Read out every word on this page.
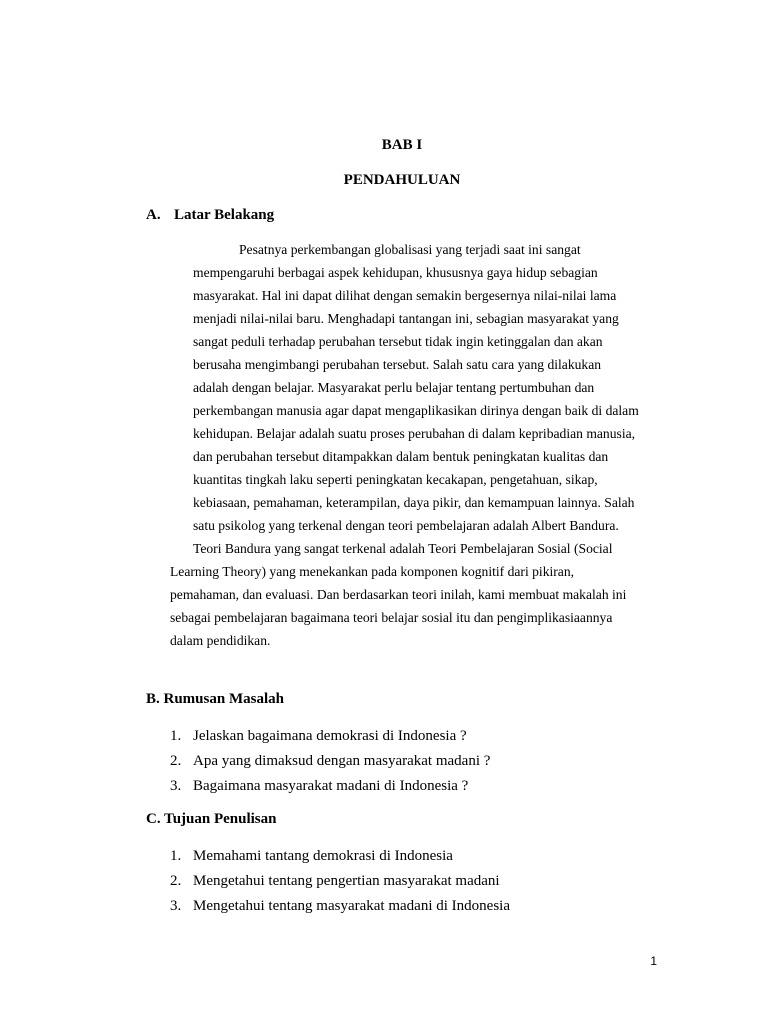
BAB I
PENDAHULUAN
A. Latar Belakang
Pesatnya perkembangan globalisasi yang terjadi saat ini sangat
mempengaruhi berbagai aspek kehidupan, khususnya gaya hidup sebagian
masyarakat. Hal ini dapat dilihat dengan semakin bergesernya nilai-nilai lama
menjadi nilai-nilai baru. Menghadapi tantangan ini, sebagian masyarakat yang
sangat peduli terhadap perubahan tersebut tidak ingin ketinggalan dan akan
berusaha mengimbangi perubahan tersebut. Salah satu cara yang dilakukan
adalah dengan belajar. Masyarakat perlu belajar tentang pertumbuhan dan
perkembangan manusia agar dapat mengaplikasikan dirinya dengan baik di dalam
kehidupan. Belajar adalah suatu proses perubahan di dalam kepribadian manusia,
dan perubahan tersebut ditampakkan dalam bentuk peningkatan kualitas dan
kuantitas tingkah laku seperti peningkatan kecakapan, pengetahuan, sikap,
kebiasaan, pemahaman, keterampilan, daya pikir, dan kemampuan lainnya. Salah
satu psikolog yang terkenal dengan teori pembelajaran adalah Albert Bandura.
Teori Bandura yang sangat terkenal adalah Teori Pembelajaran Sosial (Social
Learning Theory) yang menekankan pada komponen kognitif dari pikiran,
pemahaman, dan evaluasi. Dan berdasarkan teori inilah, kami membuat makalah ini
sebagai pembelajaran bagaimana teori belajar sosial itu dan pengimplikasiaannya
dalam pendidikan.
B. Rumusan Masalah
1. Jelaskan bagaimana demokrasi di Indonesia ?
2. Apa yang dimaksud dengan masyarakat madani ?
3. Bagaimana masyarakat madani di Indonesia ?
C. Tujuan Penulisan
1. Memahami tantang demokrasi di Indonesia
2. Mengetahui tentang pengertian masyarakat madani
3. Mengetahui tentang masyarakat madani di Indonesia
1
